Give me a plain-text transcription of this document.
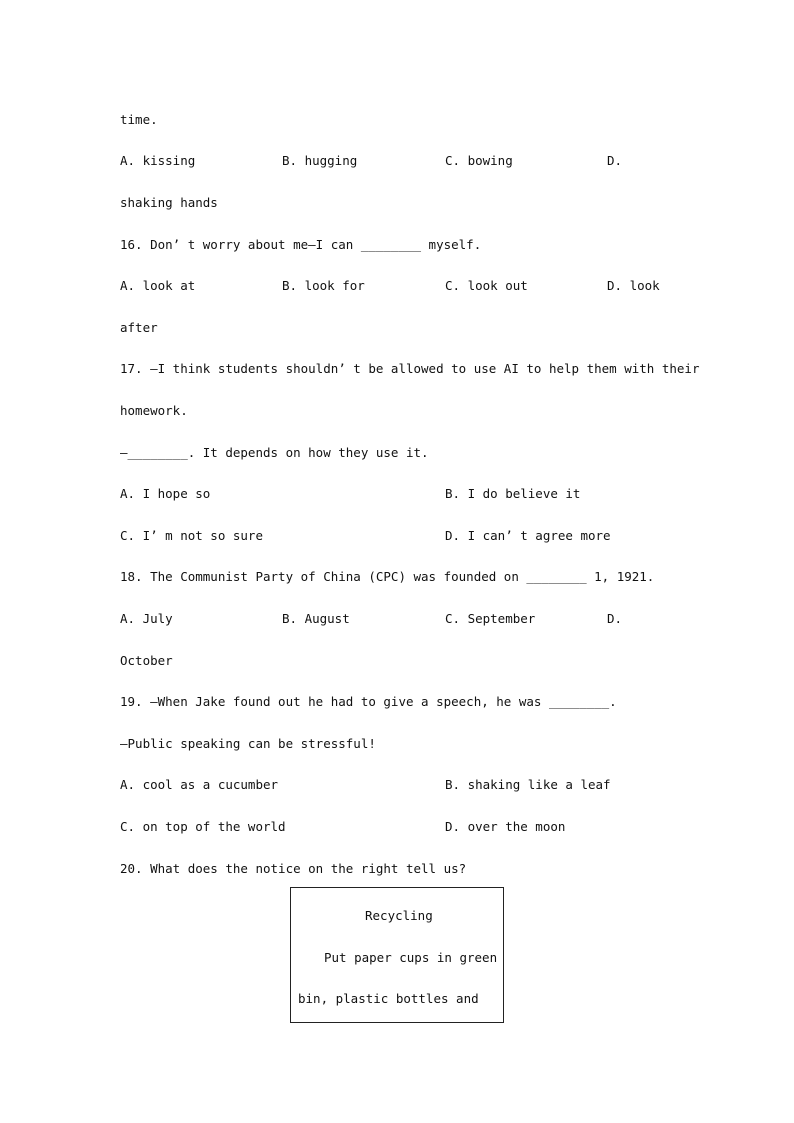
time.
A. kissing	B. hugging	C. bowing	D.
shaking hands
16. Don’ t worry about me—I can ________ myself.
A. look at	B. look for	C. look out	D. look
after
17. —I think students shouldn’ t be allowed to use AI to help them with their
homework.
—________. It depends on how they use it.
A. I hope so	B. I do believe it
C. I’ m not so sure	D. I can’ t agree more
18. The Communist Party of China (CPC) was founded on ________ 1, 1921.
A. July	B. August	C. September	D.
October
19. —When Jake found out he had to give a speech, he was ________.
—Public speaking can be stressful!
A. cool as a cucumber	B. shaking like a leaf
C. on top of the world	D. over the moon
20. What does the notice on the right tell us?
Recycling
Put paper cups in green
bin, plastic bottles and
